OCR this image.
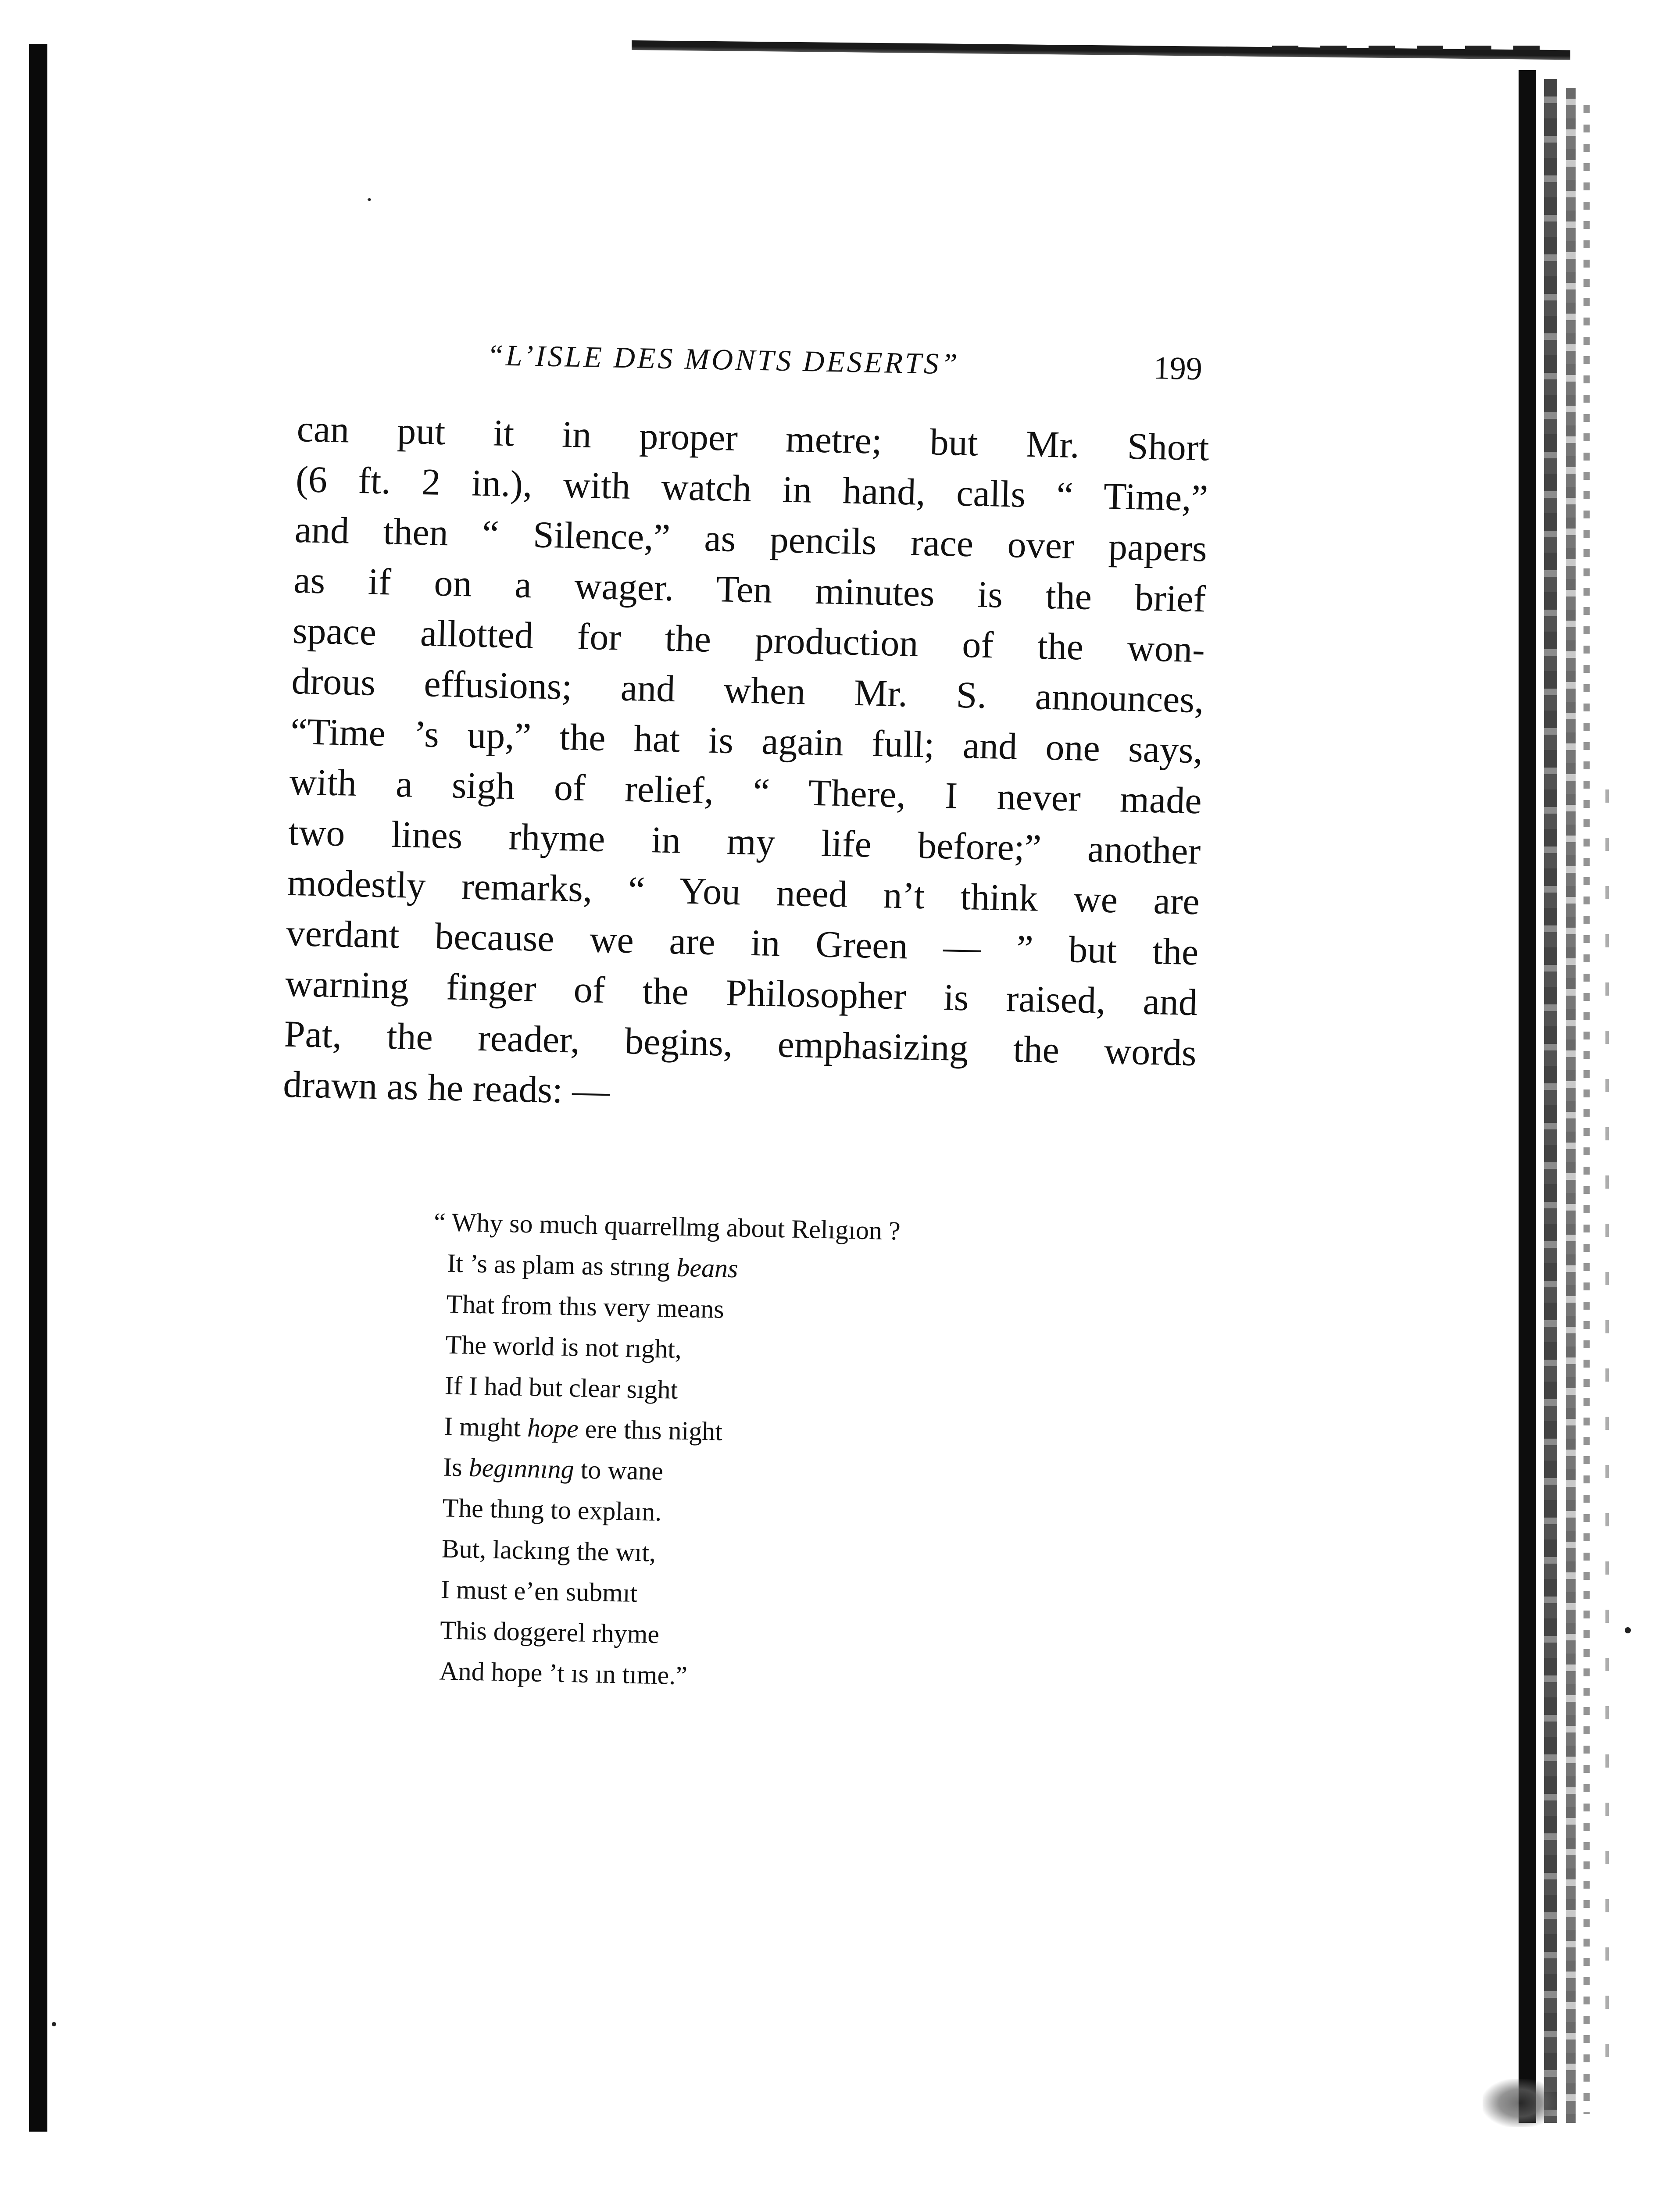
“L’ISLE DES MONTS DESERTS”	199
can put it in proper metre; but Mr. Short
(6 ft. 2 in.), with watch in hand, calls “ Time,”
and then “ Silence,” as pencils race over papers
as if on a wager. Ten minutes is the brief
space allotted for the production of the won-
drous effusions; and when Mr. S. announces,
“Time ’s up,” the hat is again full; and one says,
with a sigh of relief, “ There, I never made
two lines rhyme in my life before;” another
modestly remarks, “ You need n’t think we are
verdant because we are in Green — ” but the
warning finger of the Philosopher is raised, and
Pat, the reader, begins, emphasizing the words
drawn as he reads: —
“ Why so much quarrellmg about Relıgıon ?
It ’s as plam as strıng beans
That from thıs very means
The world is not rıght,
If I had but clear sıght
I mıght hope ere thıs night
Is begınnıng to wane
The thıng to explaın.
But, lackıng the wıt,
I must e’en submıt
This doggerel rhyme
And hope ’t ıs ın tıme.”
